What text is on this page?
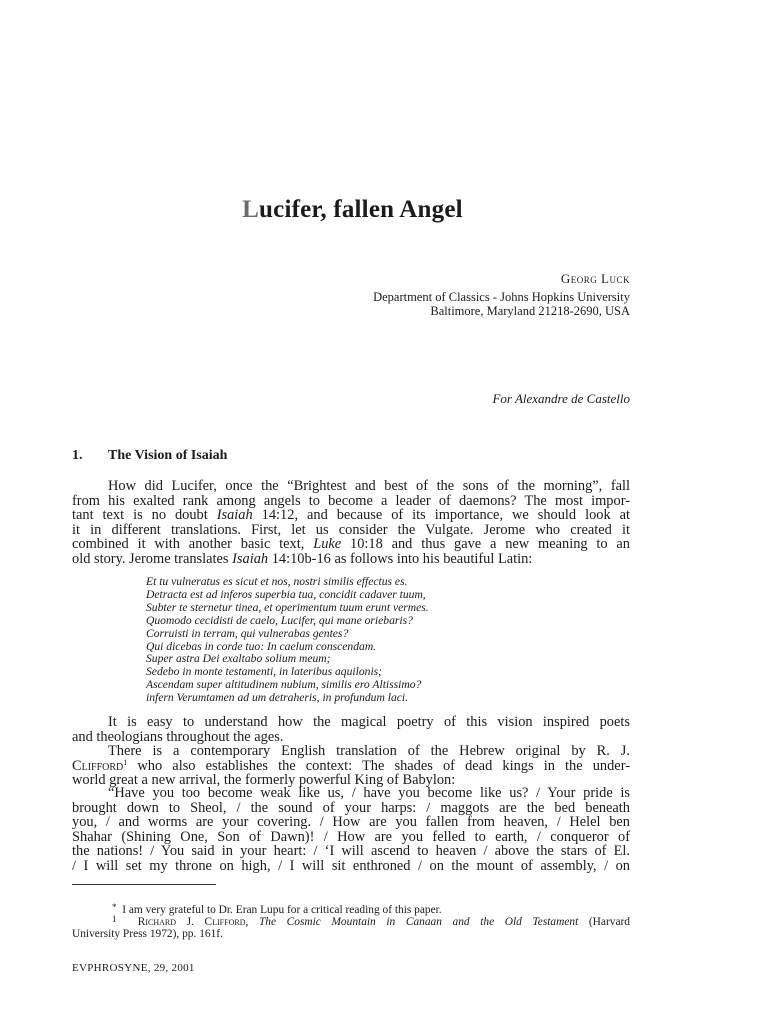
Lucifer, fallen Angel
Georg Luck
Department of Classics - Johns Hopkins University
Baltimore, Maryland 21218-2690, USA
For Alexandre de Castello
1. The Vision of Isaiah
How did Lucifer, once the “Brightest and best of the sons of the morning”, fall
from his exalted rank among angels to become a leader of daemons? The most impor-
tant text is no doubt Isaiah 14:12, and because of its importance, we should look at
it in different translations. First, let us consider the Vulgate. Jerome who created it
combined it with another basic text, Luke 10:18 and thus gave a new meaning to an
old story. Jerome translates Isaiah 14:10b-16 as follows into his beautiful Latin:
Et tu vulneratus es sicut et nos, nostri similis effectus es.
Detracta est ad inferos superbia tua, concidit cadaver tuum,
Subter te sternetur tinea, et operimentum tuum erunt vermes.
Quomodo cecidisti de caelo, Lucifer, qui mane oriebaris?
Corruisti in terram, qui vulnerabas gentes?
Qui dicebas in corde tuo: In caelum conscendam.
Super astra Dei exaltabo solium meum;
Sedebo in monte testamenti, in lateribus aquilonis;
Ascendam super altitudinem nubium, similis ero Altissimo?
infern Verumtamen ad um detraheris, in profundum laci.
It is easy to understand how the magical poetry of this vision inspired poets
and theologians throughout the ages.
There is a contemporary English translation of the Hebrew original by R. J.
Clifford$^1$ who also establishes the context: The shades of dead kings in the under-
world great a new arrival, the formerly powerful King of Babylon:
“Have you too become weak like us, / have you become like us? / Your pride is
brought down to Sheol, / the sound of your harps: / maggots are the bed beneath
you, / and worms are your covering. / How are you fallen from heaven, / Helel ben
Shahar (Shining One, Son of Dawn)! / How are you felled to earth, / conqueror of
the nations! / You said in your heart: / ‘I will ascend to heaven / above the stars of El.
/ I will set my throne on high, / I will sit enthroned / on the mount of assembly, / on
* I am very grateful to Dr. Eran Lupu for a critical reading of this paper.
$^1$ Richard J. Clifford, The Cosmic Mountain in Canaan and the Old Testament (Harvard
University Press 1972), pp. 161f.
EVPHROSYNE, 29, 2001
